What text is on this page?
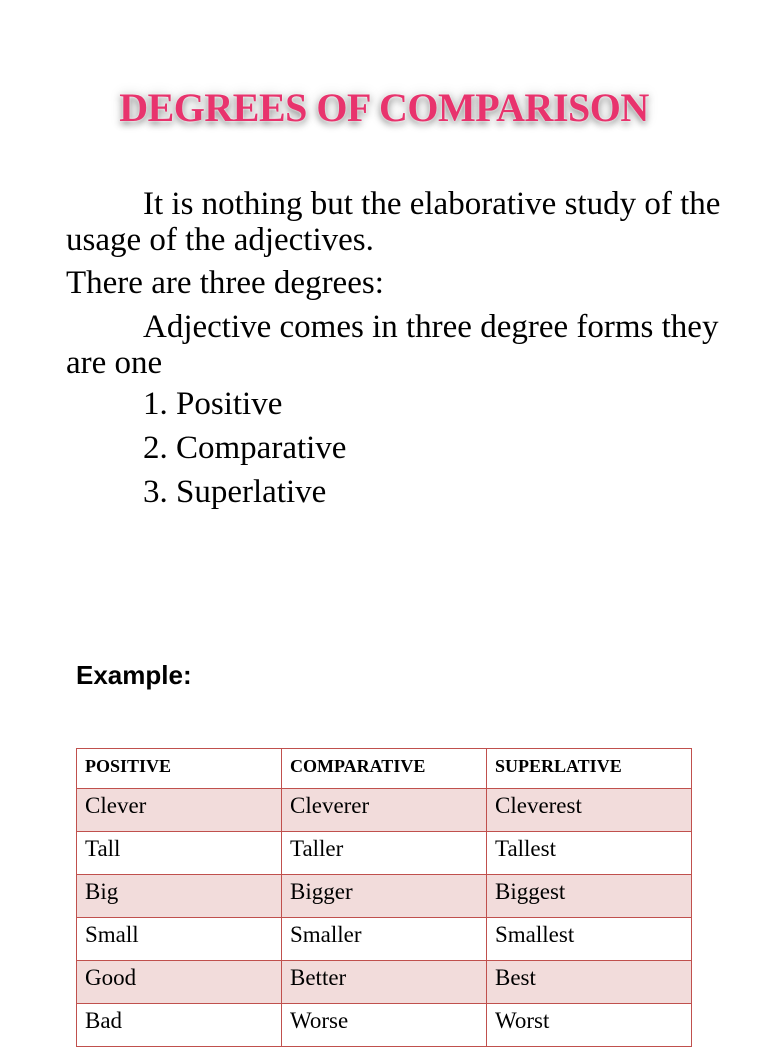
DEGREES OF COMPARISON
It is nothing but the elaborative study of the usage of the adjectives.
There are three degrees:
Adjective comes in three degree forms they are one
1. Positive
2. Comparative
3. Superlative
Example:
POSITIVE	COMPARATIVE	SUPERLATIVE
Clever	Cleverer	Cleverest
Tall	Taller	Tallest
Big	Bigger	Biggest
Small	Smaller	Smallest
Good	Better	Best
Bad	Worse	Worst
